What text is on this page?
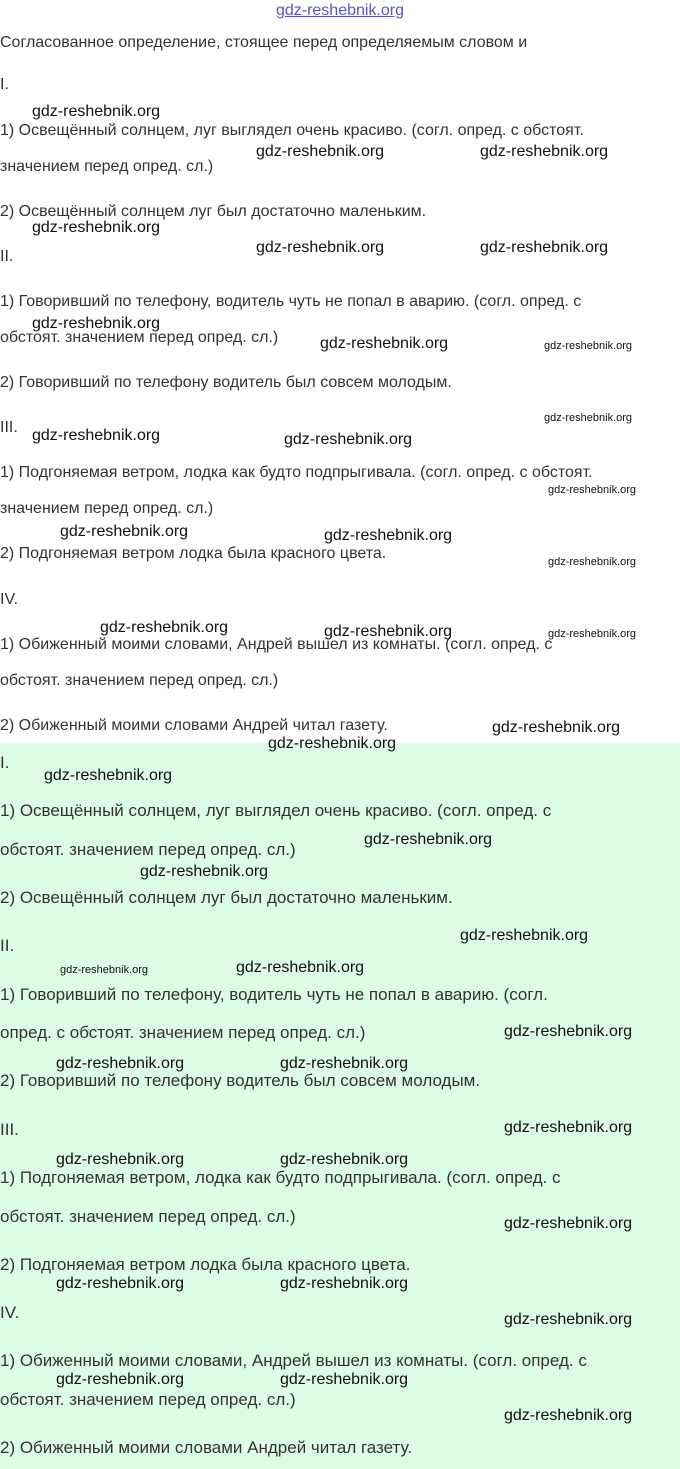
gdz-reshebnik.org
Согласованное определение, стоящее перед определяемым словом и
I.
1) Освещённый солнцем, луг выглядел очень красиво. (согл. опред. с обстоят.
значением перед опред. сл.)
2) Освещённый солнцем луг был достаточно маленьким.
II.
1) Говоривший по телефону, водитель чуть не попал в аварию. (согл. опред. с
обстоят. значением перед опред. сл.)
2) Говоривший по телефону водитель был совсем молодым.
III.
1) Подгоняемая ветром, лодка как будто подпрыгивала. (согл. опред. с обстоят.
значением перед опред. сл.)
2) Подгоняемая ветром лодка была красного цвета.
IV.
1) Обиженный моими словами, Андрей вышел из комнаты. (согл. опред. с
обстоят. значением перед опред. сл.)
2) Обиженный моими словами Андрей читал газету.
I.
1) Освещённый солнцем, луг выглядел очень красиво. (согл. опред. с
обстоят. значением перед опред. сл.)
2) Освещённый солнцем луг был достаточно маленьким.
II.
1) Говоривший по телефону, водитель чуть не попал в аварию. (согл.
опред. с обстоят. значением перед опред. сл.)
2) Говоривший по телефону водитель был совсем молодым.
III.
1) Подгоняемая ветром, лодка как будто подпрыгивала. (согл. опред. с
обстоят. значением перед опред. сл.)
2) Подгоняемая ветром лодка была красного цвета.
IV.
1) Обиженный моими словами, Андрей вышел из комнаты. (согл. опред. с
обстоят. значением перед опред. сл.)
2) Обиженный моими словами Андрей читал газету.
gdz-reshebnik.org
gdz-reshebnik.org	gdz-reshebnik.org
gdz-reshebnik.org
gdz-reshebnik.org	gdz-reshebnik.org
gdz-reshebnik.org
gdz-reshebnik.org	gdz-reshebnik.org
gdz-reshebnik.org
gdz-reshebnik.org	gdz-reshebnik.org
gdz-reshebnik.org
gdz-reshebnik.org	gdz-reshebnik.org
gdz-reshebnik.org
gdz-reshebnik.org	gdz-reshebnik.org	gdz-reshebnik.org
gdz-reshebnik.org
gdz-reshebnik.org
gdz-reshebnik.org
gdz-reshebnik.org
gdz-reshebnik.org
gdz-reshebnik.org
gdz-reshebnik.org	gdz-reshebnik.org
gdz-reshebnik.org
gdz-reshebnik.org	gdz-reshebnik.org
gdz-reshebnik.org
gdz-reshebnik.org	gdz-reshebnik.org
gdz-reshebnik.org
gdz-reshebnik.org	gdz-reshebnik.org
gdz-reshebnik.org
gdz-reshebnik.org	gdz-reshebnik.org
gdz-reshebnik.org
